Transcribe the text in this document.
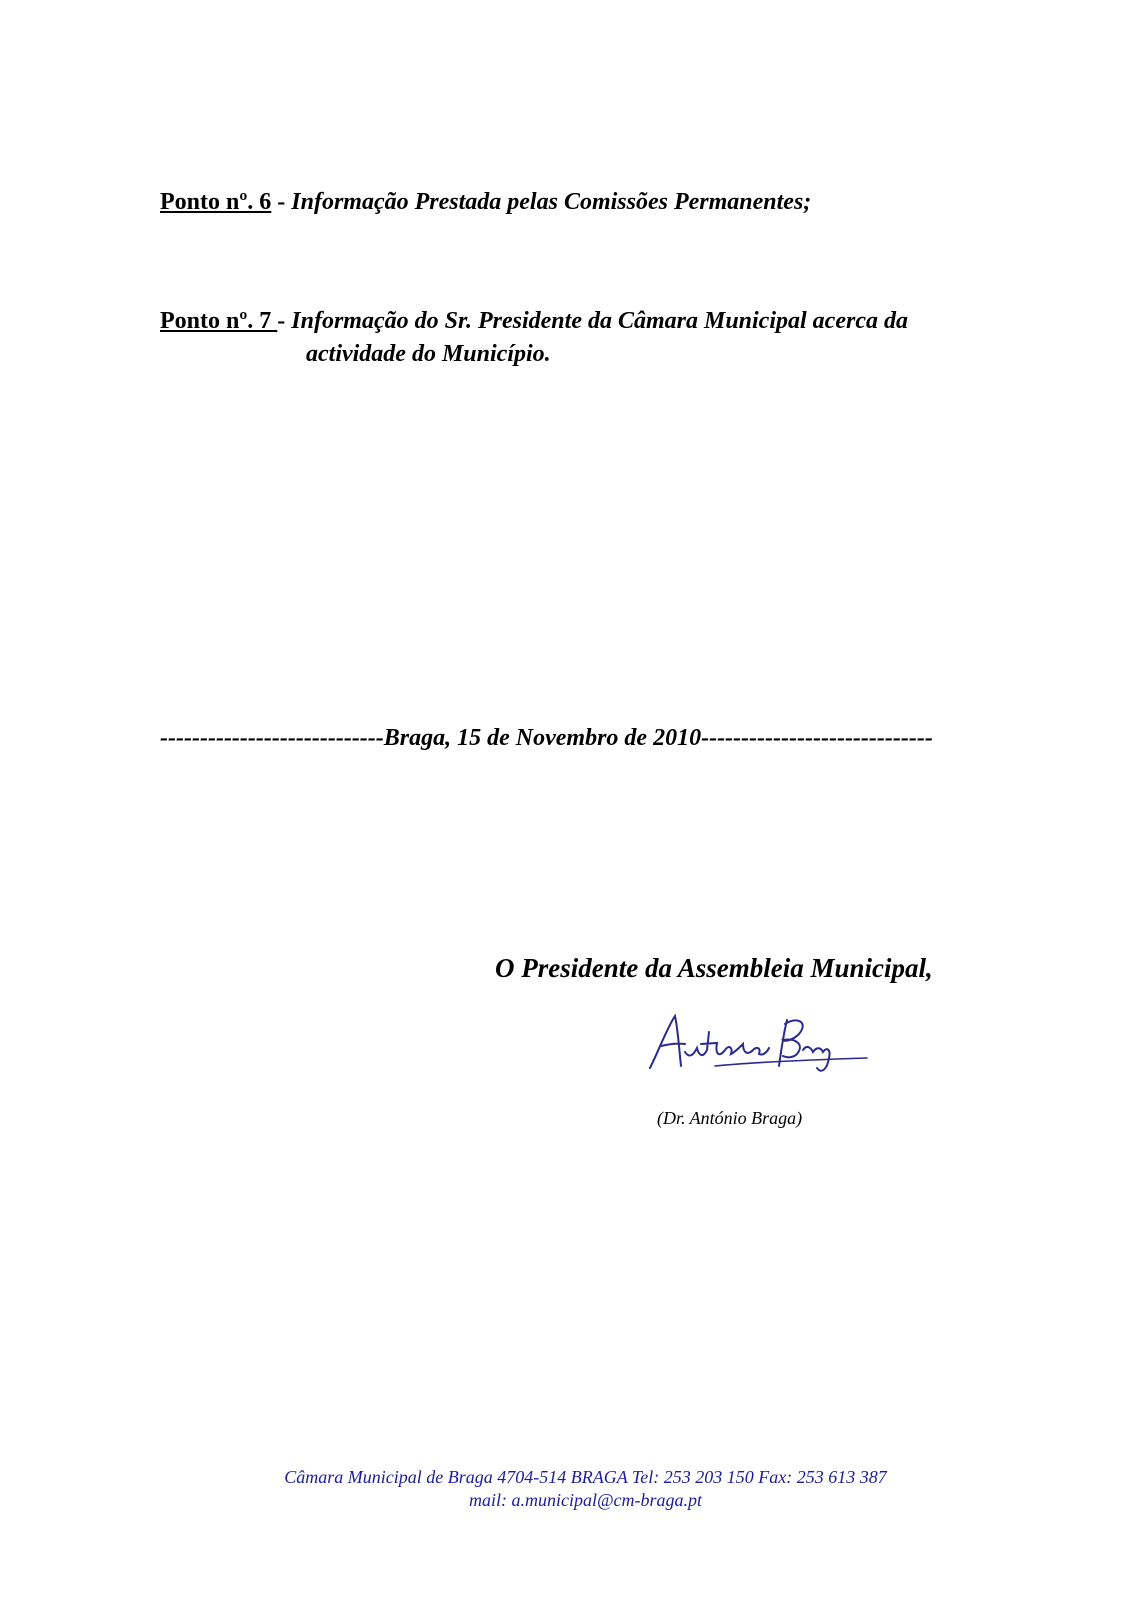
Ponto nº. 6 - Informação Prestada pelas Comissões Permanentes;
Ponto nº. 7 - Informação do Sr. Presidente da Câmara Municipal acerca da
actividade do Município.
----------------------------Braga, 15 de Novembro de 2010-----------------------------
O Presidente da Assembleia Municipal,
(Dr. António Braga)
Câmara Municipal de Braga 4704-514 BRAGA Tel: 253 203 150 Fax: 253 613 387
mail: a.municipal@cm-braga.pt
